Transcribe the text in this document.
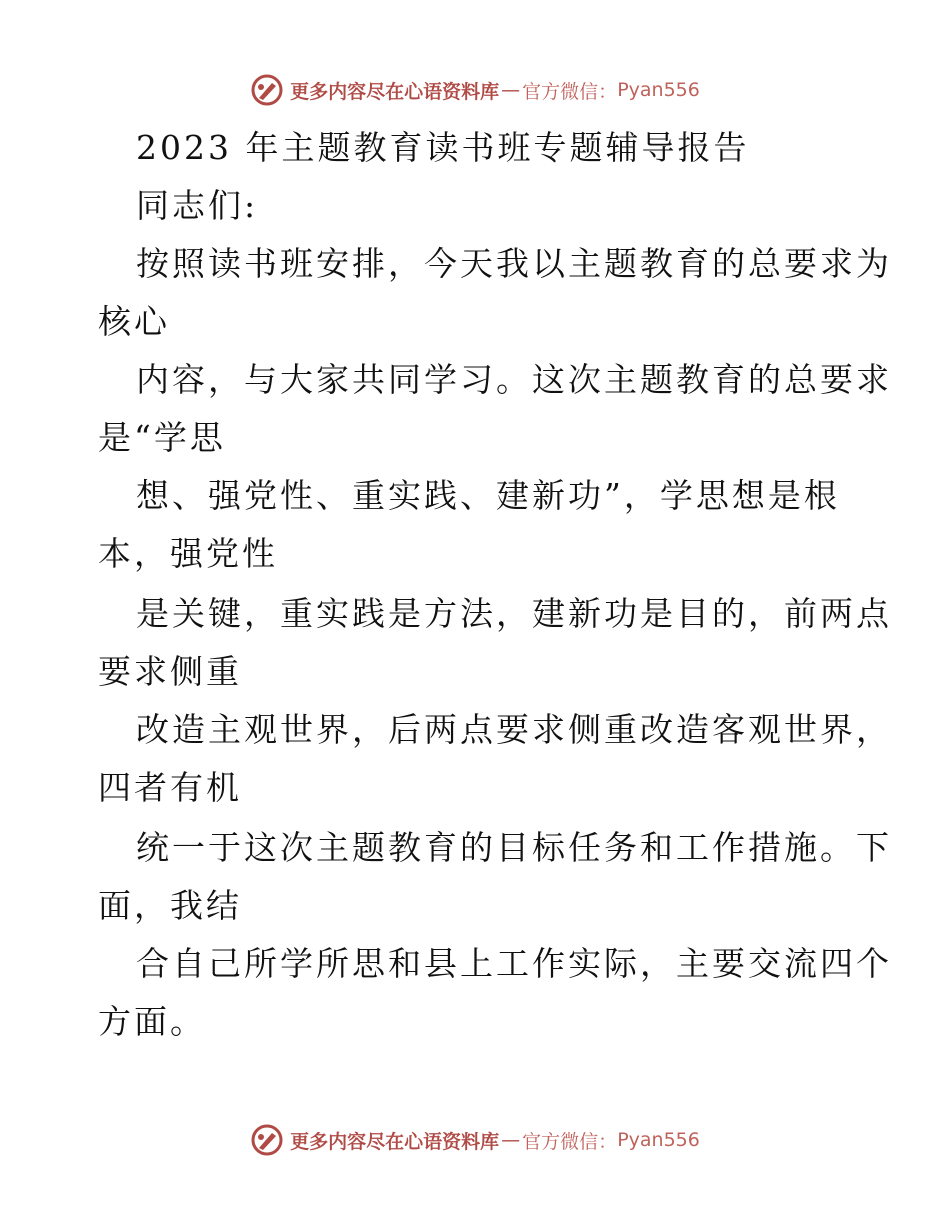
更多内容尽在心语资料库 — 官方微信： Pyan556
2023 年主题教育读书班专题辅导报告
同志们:
按照读书班安排，今天我以主题教育的总要求为
核心
内容，与大家共同学习。这次主题教育的总要求
是“学思
想、强党性、重实践、建新功”，学思想是根
本，强党性
是关键，重实践是方法，建新功是目的，前两点
要求侧重
改造主观世界，后两点要求侧重改造客观世界，
四者有机
统一于这次主题教育的目标任务和工作措施。下
面，我结
合自己所学所思和县上工作实际，主要交流四个
方面。
更多内容尽在心语资料库 — 官方微信： Pyan556
